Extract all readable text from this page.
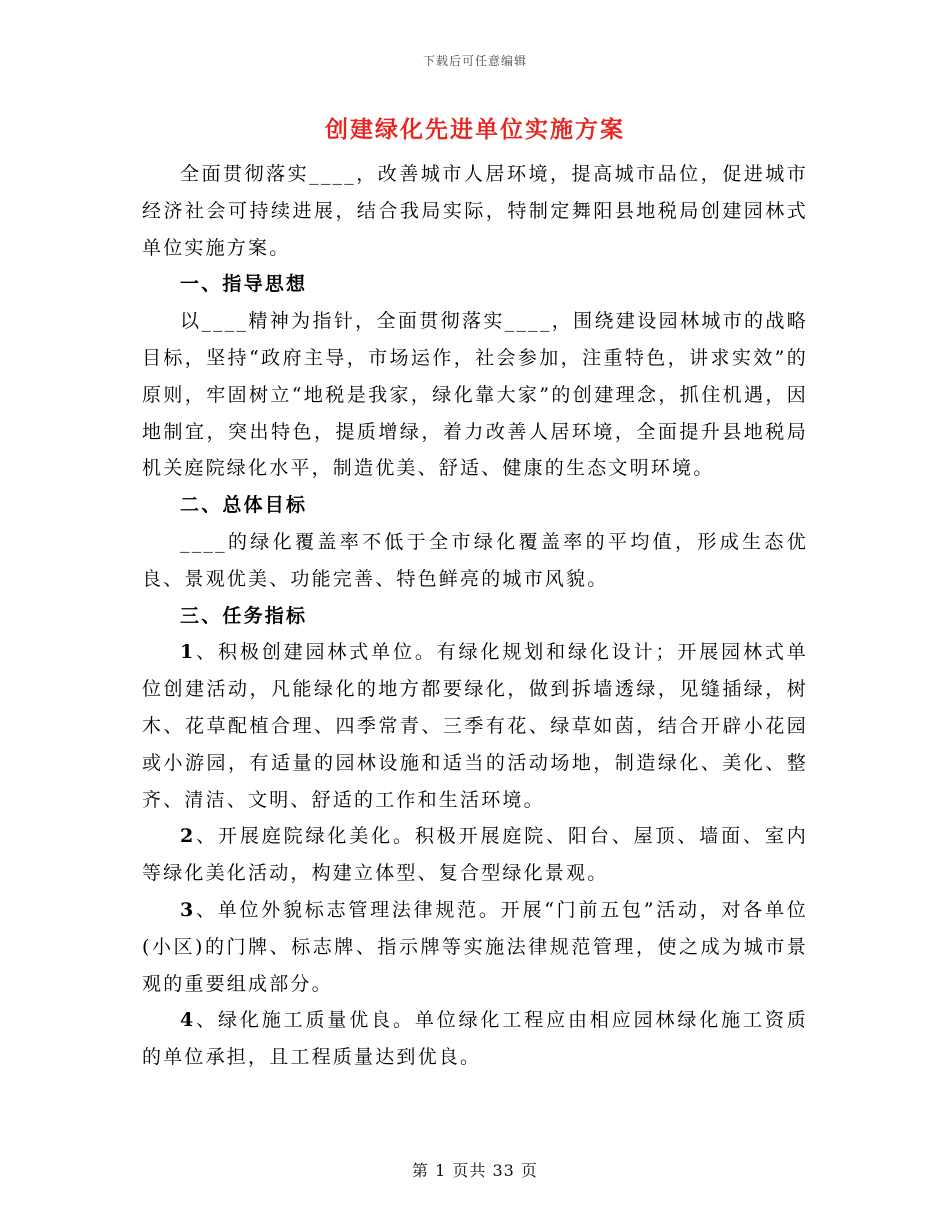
下载后可任意编辑
创建绿化先进单位实施方案

全面贯彻落实____，改善城市人居环境，提高城市品位，促进城市经济社会可持续进展，结合我局实际，特制定舞阳县地税局创建园林式单位实施方案。

一、指导思想

以____精神为指针，全面贯彻落实____，围绕建设园林城市的战略目标，坚持“政府主导，市场运作，社会参加，注重特色，讲求实效”的原则，牢固树立“地税是我家，绿化靠大家”的创建理念，抓住机遇，因地制宜，突出特色，提质增绿，着力改善人居环境，全面提升县地税局机关庭院绿化水平，制造优美、舒适、健康的生态文明环境。

二、总体目标

____的绿化覆盖率不低于全市绿化覆盖率的平均值，形成生态优良、景观优美、功能完善、特色鲜亮的城市风貌。

三、任务指标

1、积极创建园林式单位。有绿化规划和绿化设计；开展园林式单位创建活动，凡能绿化的地方都要绿化，做到拆墙透绿，见缝插绿，树木、花草配植合理、四季常青、三季有花、绿草如茵，结合开辟小花园或小游园，有适量的园林设施和适当的活动场地，制造绿化、美化、整齐、清洁、文明、舒适的工作和生活环境。

2、开展庭院绿化美化。积极开展庭院、阳台、屋顶、墙面、室内等绿化美化活动，构建立体型、复合型绿化景观。

3、单位外貌标志管理法律规范。开展“门前五包”活动，对各单位(小区)的门牌、标志牌、指示牌等实施法律规范管理，使之成为城市景观的重要组成部分。

4、绿化施工质量优良。单位绿化工程应由相应园林绿化施工资质的单位承担，且工程质量达到优良。

第 1 页共 33 页
